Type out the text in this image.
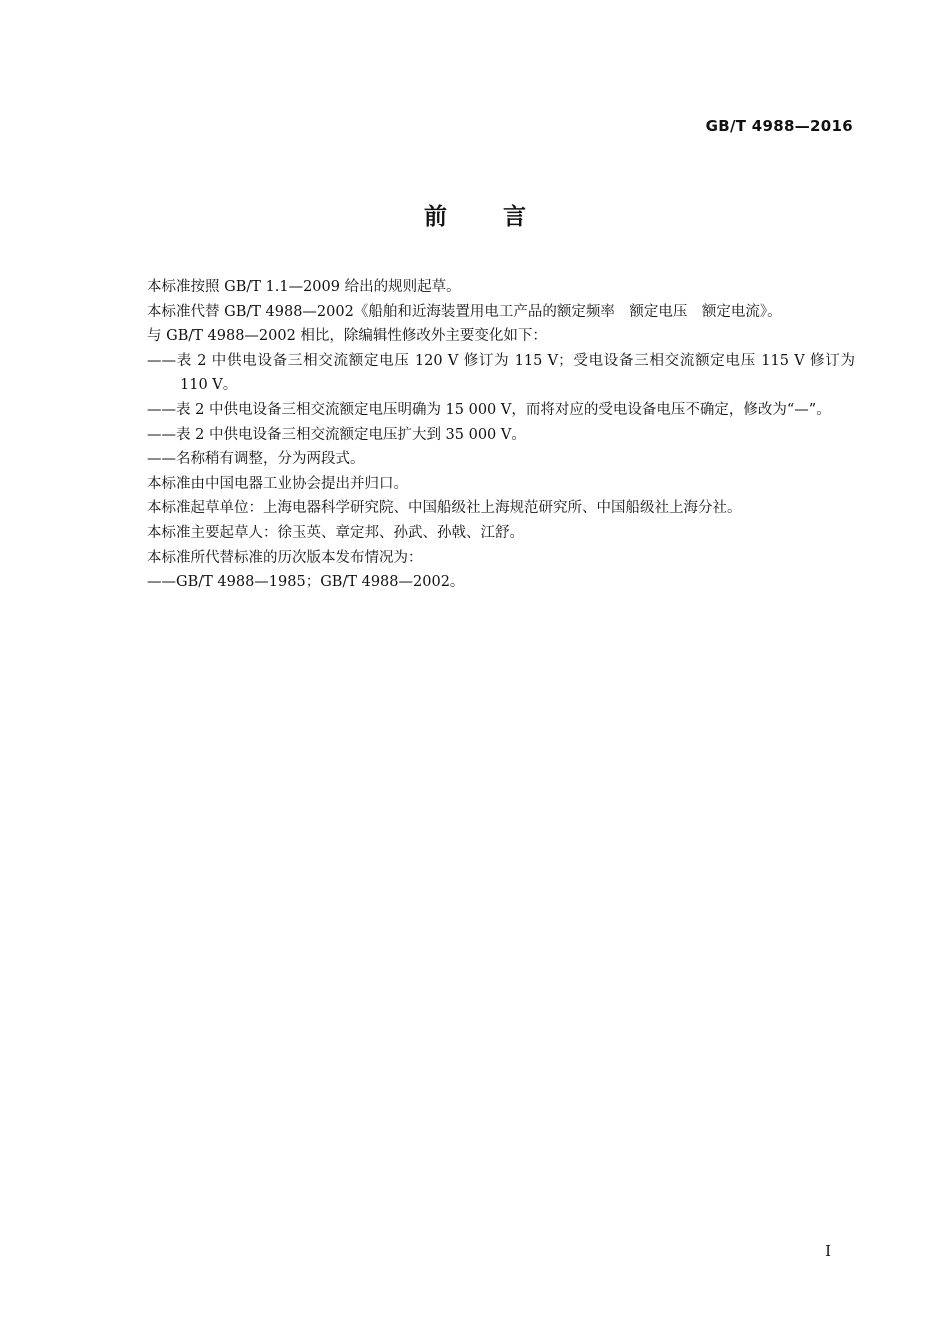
GB/T 4988—2016
前言

本标准按照 GB/T 1.1—2009 给出的规则起草。

本标准代替 GB/T 4988—2002《船舶和近海装置用电工产品的额定频率　额定电压　额定电流》。

与 GB/T 4988—2002 相比，除编辑性修改外主要变化如下：

——表 2 中供电设备三相交流额定电压 120 V 修订为 115 V；受电设备三相交流额定电压 115 V 修订为 110 V。

——表 2 中供电设备三相交流额定电压明确为 15 000 V，而将对应的受电设备电压不确定，修改为“—”。

——表 2 中供电设备三相交流额定电压扩大到 35 000 V。

——名称稍有调整，分为两段式。

本标准由中国电器工业协会提出并归口。

本标准起草单位：上海电器科学研究院、中国船级社上海规范研究所、中国船级社上海分社。

本标准主要起草人：徐玉英、章定邦、孙武、孙戟、江舒。

本标准所代替标准的历次版本发布情况为：

——GB/T 4988—1985；GB/T 4988—2002。

I
